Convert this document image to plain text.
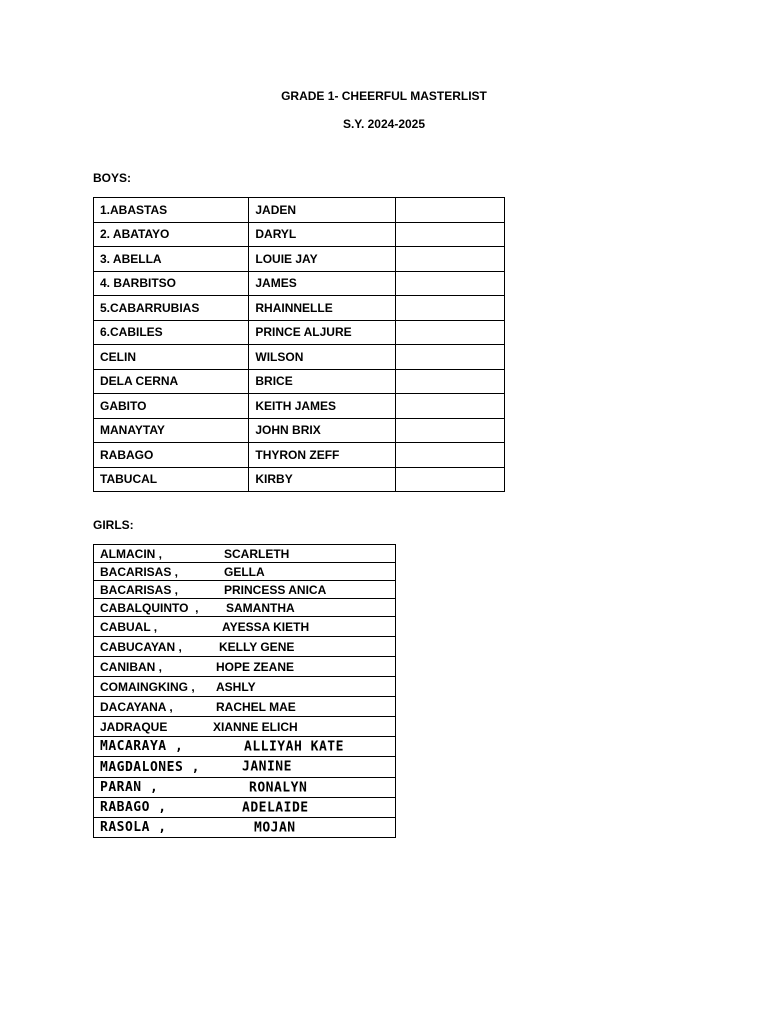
GRADE 1- CHEERFUL MASTERLIST
S.Y. 2024-2025
BOYS:
1.ABASTAS	JADEN	
2. ABATAYO	DARYL	
3. ABELLA	LOUIE JAY	
4. BARBITSO	JAMES	
5.CABARRUBIAS	RHAINNELLE	
6.CABILES	PRINCE ALJURE	
CELIN	WILSON	
DELA CERNA	BRICE	
GABITO	KEITH JAMES	
MANAYTAY	JOHN BRIX	
RABAGO	THYRON ZEFF	
TABUCAL	KIRBY	
GIRLS:
ALMACIN ,	SCARLETH

BACARISAS ,	GELLA

BACARISAS ,	PRINCESS ANICA

CABALQUINTO  , SAMANTHA

CABUAL ,	AYESSA KIETH

CABUCAYAN ,	KELLY GENE

CANIBAN ,	HOPE ZEANE

COMAINGKING , ASHLY

DACAYANA ,	RACHEL MAE

JADRAQUE	XIANNE ELICH

MACARAYA ,	ALLIYAH KATE

MAGDALONES ,	JANINE

PARAN ,	RONALYN

RABAGO ,	ADELAIDE

RASOLA ,	MOJAN
